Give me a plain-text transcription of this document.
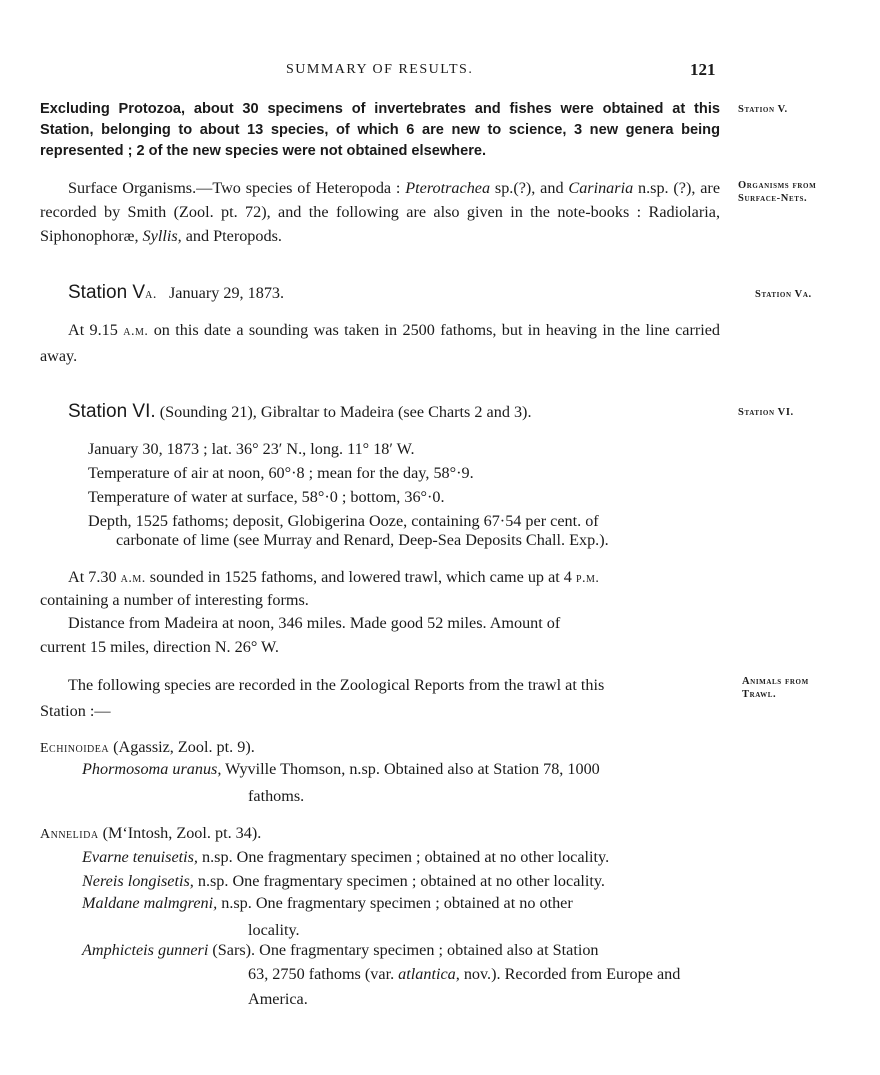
SUMMARY OF RESULTS.	121
Excluding Protozoa, about 30 specimens of invertebrates and fishes were obtained at this Station, belonging to about 13 species, of which 6 are new to science, 3 new genera being represented ; 2 of the new species were not obtained elsewhere.
Station V.
Surface Organisms.—Two species of Heteropoda : Pterotrachea sp.(?), and Carinaria n.sp. (?), are recorded by Smith (Zool. pt. 72), and the following are also given in the note-books : Radiolaria, Siphonophoræ, Syllis, and Pteropods.
Organisms from Surface-Nets.
Station Va. January 29, 1873.	Station Va.
At 9.15 a.m. on this date a sounding was taken in 2500 fathoms, but in heaving in the line carried away.
Station VI. (Sounding 21), Gibraltar to Madeira (see Charts 2 and 3).	Station VI.
January 30, 1873 ; lat. 36° 23′ N., long. 11° 18′ W.
Temperature of air at noon, 60°·8 ; mean for the day, 58°·9.
Temperature of water at surface, 58°·0 ; bottom, 36°·0.
Depth, 1525 fathoms; deposit, Globigerina Ooze, containing 67·54 per cent. of
carbonate of lime (see Murray and Renard, Deep-Sea Deposits Chall. Exp.).
At 7.30 a.m. sounded in 1525 fathoms, and lowered trawl, which came up at 4 p.m.
containing a number of interesting forms.
Distance from Madeira at noon, 346 miles. Made good 52 miles. Amount of
current 15 miles, direction N. 26° W.
The following species are recorded in the Zoological Reports from the trawl at this
Station :—
Animals from Trawl.
Echinoidea (Agassiz, Zool. pt. 9).
Phormosoma uranus, Wyville Thomson, n.sp. Obtained also at Station 78, 1000
fathoms.
Annelida (M‘Intosh, Zool. pt. 34).
Evarne tenuisetis, n.sp. One fragmentary specimen ; obtained at no other locality.
Nereis longisetis, n.sp. One fragmentary specimen ; obtained at no other locality.
Maldane malmgreni, n.sp. One fragmentary specimen ; obtained at no other
locality.
Amphicteis gunneri (Sars). One fragmentary specimen ; obtained also at Station
63, 2750 fathoms (var. atlantica, nov.). Recorded from Europe and America.
